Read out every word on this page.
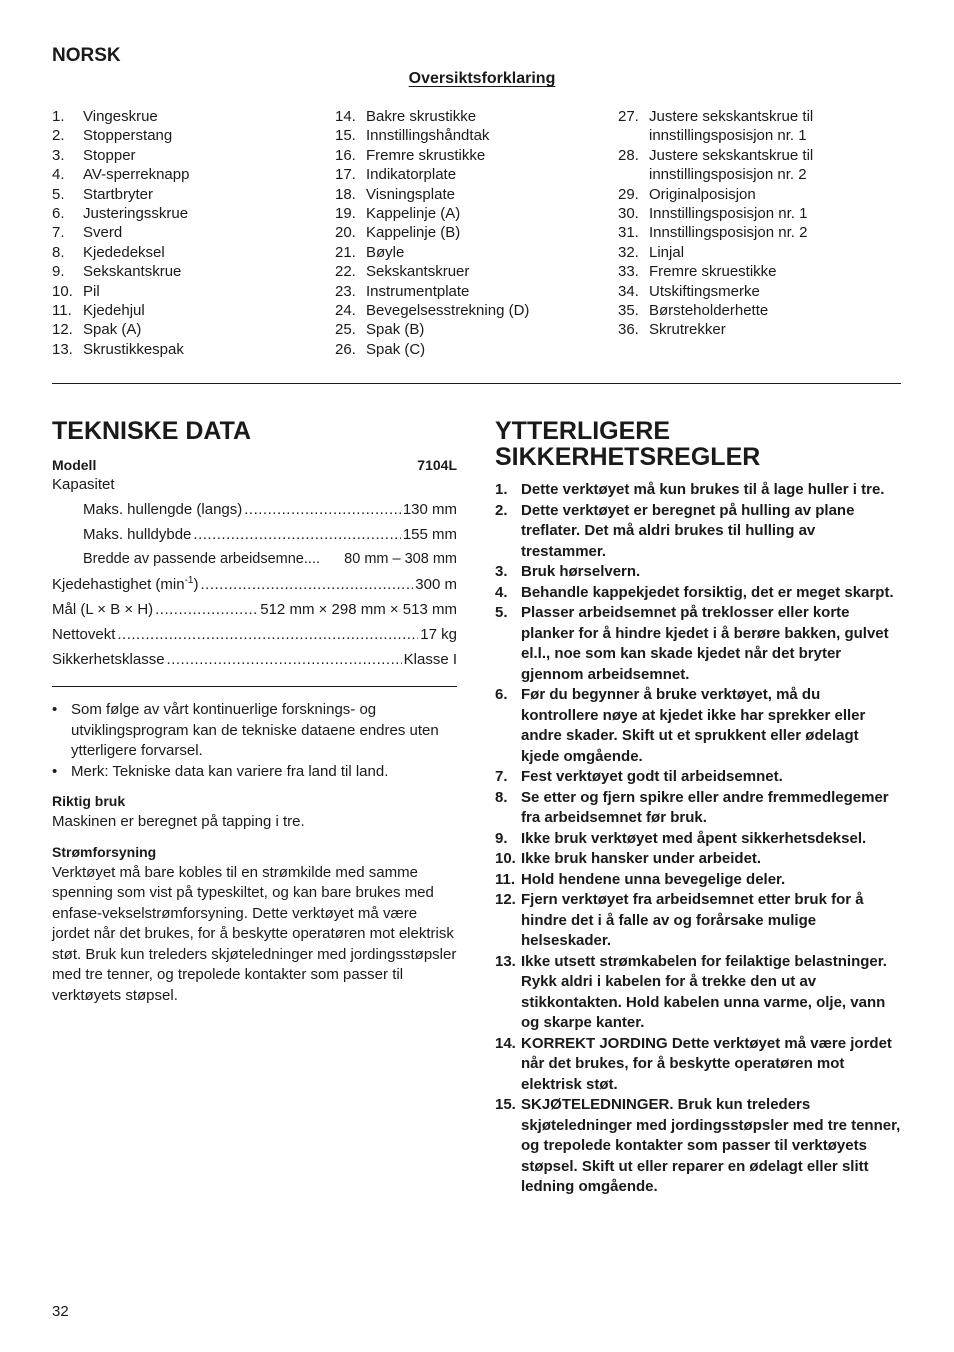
NORSK
Oversiktsforklaring
1.	Vingeskrue
2.	Stopperstang
3.	Stopper
4.	AV-sperreknapp
5.	Startbryter
6.	Justeringsskrue
7.	Sverd
8.	Kjededeksel
9.	Sekskantskrue
10. Pil
11. Kjedehjul
12. Spak (A)
13. Skrustikkespak
14. Bakre skrustikke
15. Innstillingshåndtak
16. Fremre skrustikke
17. Indikatorplate
18. Visningsplate
19. Kappelinje (A)
20. Kappelinje (B)
21. Bøyle
22. Sekskantskruer
23. Instrumentplate
24. Bevegelsesstrekning (D)
25. Spak (B)
26. Spak (C)
27. Justere sekskantskrue til innstillingsposisjon nr. 1
28. Justere sekskantskrue til innstillingsposisjon nr. 2
29. Originalposisjon
30. Innstillingsposisjon nr. 1
31. Innstillingsposisjon nr. 2
32. Linjal
33. Fremre skruestikke
34. Utskiftingsmerke
35. Børsteholderhette
36. Skrutrekker
TEKNISKE DATA
Modell	7104L
Kapasitet
Maks. hullengde (langs) .....	130 mm
Maks. hulldybde .....	155 mm
Bredde av passende arbeidsemne.... 80 mm – 308 mm
Kjedehastighet $(\min^{-1})$ .....	300 m
Mål (L × B × H) .....	512 mm × 298 mm × 513 mm
Nettovekt .....	17 kg
Sikkerhetsklasse .....	Klasse I
• Som følge av vårt kontinuerlige forsknings- og utviklingsprogram kan de tekniske dataene endres uten ytterligere forvarsel.
• Merk: Tekniske data kan variere fra land til land.
Riktig bruk
Maskinen er beregnet på tapping i tre.
Strømforsyning
Verktøyet må bare kobles til en strømkilde med samme spenning som vist på typeskiltet, og kan bare brukes med enfase-vekselstrømforsyning. Dette verktøyet må være jordet når det brukes, for å beskytte operatøren mot elektrisk støt. Bruk kun treleders skjøteledninger med jordingsstøpsler med tre tenner, og trepolede kontakter som passer til verktøyets støpsel.
YTTERLIGERE SIKKERHETSREGLER
1. Dette verktøyet må kun brukes til å lage huller i tre.
2. Dette verktøyet er beregnet på hulling av plane treflater. Det må aldri brukes til hulling av trestammer.
3. Bruk hørselvern.
4. Behandle kappekjedet forsiktig, det er meget skarpt.
5. Plasser arbeidsemnet på treklosser eller korte planker for å hindre kjedet i å berøre bakken, gulvet el.l., noe som kan skade kjedet når det bryter gjennom arbeidsemnet.
6. Før du begynner å bruke verktøyet, må du kontrollere nøye at kjedet ikke har sprekker eller andre skader. Skift ut et sprukkent eller ødelagt kjede omgående.
7. Fest verktøyet godt til arbeidsemnet.
8. Se etter og fjern spikre eller andre fremmedlegemer fra arbeidsemnet før bruk.
9. Ikke bruk verktøyet med åpent sikkerhetsdeksel.
10. Ikke bruk hansker under arbeidet.
11. Hold hendene unna bevegelige deler.
12. Fjern verktøyet fra arbeidsemnet etter bruk for å hindre det i å falle av og forårsake mulige helseskader.
13. Ikke utsett strømkabelen for feilaktige belastninger. Rykk aldri i kabelen for å trekke den ut av stikkontakten. Hold kabelen unna varme, olje, vann og skarpe kanter.
14. KORREKT JORDING Dette verktøyet må være jordet når det brukes, for å beskytte operatøren mot elektrisk støt.
15. SKJØTELEDNINGER. Bruk kun treleders skjøteledninger med jordingsstøpsler med tre tenner, og trepolede kontakter som passer til verktøyets støpsel. Skift ut eller reparer en ødelagt eller slitt ledning omgående.
32
